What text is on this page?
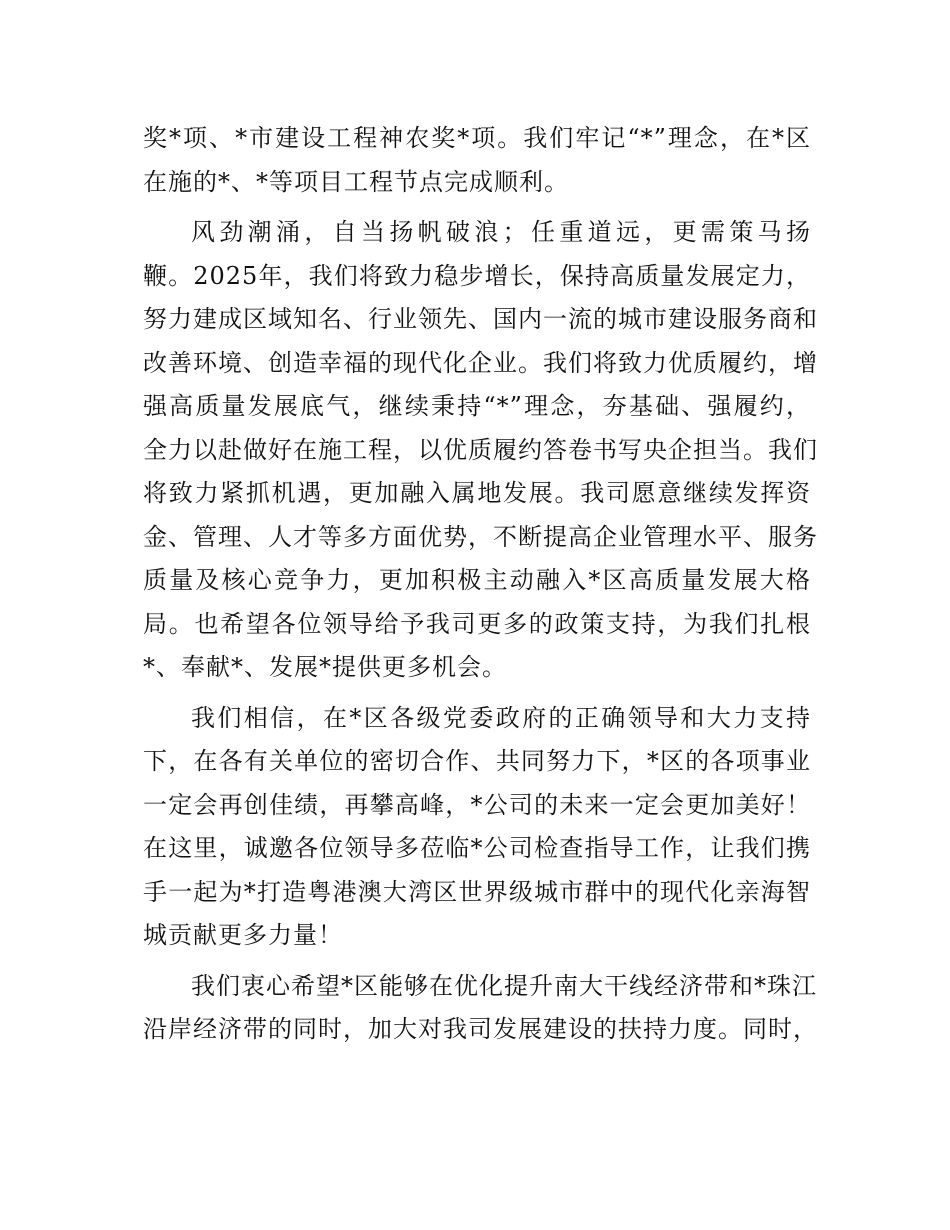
奖*项、*市建设工程神农奖*项。我们牢记“*”理念，在*区
在施的*、*等项目工程节点完成顺利。
风劲潮涌，自当扬帆破浪；任重道远，更需策马扬
鞭。2025年，我们将致力稳步增长，保持高质量发展定力，
努力建成区域知名、行业领先、国内一流的城市建设服务商和
改善环境、创造幸福的现代化企业。我们将致力优质履约，增
强高质量发展底气，继续秉持“*”理念，夯基础、强履约，
全力以赴做好在施工程，以优质履约答卷书写央企担当。我们
将致力紧抓机遇，更加融入属地发展。我司愿意继续发挥资
金、管理、人才等多方面优势，不断提高企业管理水平、服务
质量及核心竞争力，更加积极主动融入*区高质量发展大格
局。也希望各位领导给予我司更多的政策支持，为我们扎根
*、奉献*、发展*提供更多机会。
我们相信，在*区各级党委政府的正确领导和大力支持
下，在各有关单位的密切合作、共同努力下，*区的各项事业
一定会再创佳绩，再攀高峰，*公司的未来一定会更加美好！
在这里，诚邀各位领导多莅临*公司检查指导工作，让我们携
手一起为*打造粤港澳大湾区世界级城市群中的现代化亲海智
城贡献更多力量！
我们衷心希望*区能够在优化提升南大干线经济带和*珠江
沿岸经济带的同时，加大对我司发展建设的扶持力度。同时，
